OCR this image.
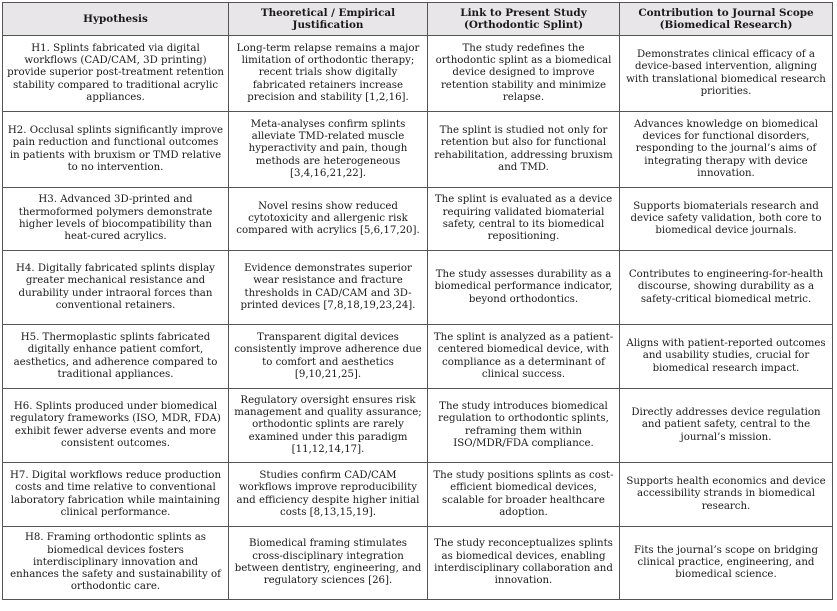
Hypothesis	Theoretical / Empirical Justification	Link to Present Study (Orthodontic Splint)	Contribution to Journal Scope (Biomedical Research)
H1. Splints fabricated via digital workflows (CAD/CAM, 3D printing) provide superior post-treatment retention stability compared to traditional acrylic appliances.	Long-term relapse remains a major limitation of orthodontic therapy; recent trials show digitally fabricated retainers increase precision and stability [1,2,16].	The study redefines the orthodontic splint as a biomedical device designed to improve retention stability and minimize relapse.	Demonstrates clinical efficacy of a device-based intervention, aligning with translational biomedical research priorities.
H2. Occlusal splints significantly improve pain reduction and functional outcomes in patients with bruxism or TMD relative to no intervention.	Meta-analyses confirm splints alleviate TMD-related muscle hyperactivity and pain, though methods are heterogeneous [3,4,16,21,22].	The splint is studied not only for retention but also for functional rehabilitation, addressing bruxism and TMD.	Advances knowledge on biomedical devices for functional disorders, responding to the journal’s aims of integrating therapy with device innovation.
H3. Advanced 3D-printed and thermoformed polymers demonstrate higher levels of biocompatibility than heat-cured acrylics.	Novel resins show reduced cytotoxicity and allergenic risk compared with acrylics [5,6,17,20].	The splint is evaluated as a device requiring validated biomaterial safety, central to its biomedical repositioning.	Supports biomaterials research and device safety validation, both core to biomedical device journals.
H4. Digitally fabricated splints display greater mechanical resistance and durability under intraoral forces than conventional retainers.	Evidence demonstrates superior wear resistance and fracture thresholds in CAD/CAM and 3D-printed devices [7,8,18,19,23,24].	The study assesses durability as a biomedical performance indicator, beyond orthodontics.	Contributes to engineering-for-health discourse, showing durability as a safety-critical biomedical metric.
H5. Thermoplastic splints fabricated digitally enhance patient comfort, aesthetics, and adherence compared to traditional appliances.	Transparent digital devices consistently improve adherence due to comfort and aesthetics [9,10,21,25].	The splint is analyzed as a patient-centered biomedical device, with compliance as a determinant of clinical success.	Aligns with patient-reported outcomes and usability studies, crucial for biomedical research impact.
H6. Splints produced under biomedical regulatory frameworks (ISO, MDR, FDA) exhibit fewer adverse events and more consistent outcomes.	Regulatory oversight ensures risk management and quality assurance; orthodontic splints are rarely examined under this paradigm [11,12,14,17].	The study introduces biomedical regulation to orthodontic splints, reframing them within ISO/MDR/FDA compliance.	Directly addresses device regulation and patient safety, central to the journal’s mission.
H7. Digital workflows reduce production costs and time relative to conventional laboratory fabrication while maintaining clinical performance.	Studies confirm CAD/CAM workflows improve reproducibility and efficiency despite higher initial costs [8,13,15,19].	The study positions splints as cost-efficient biomedical devices, scalable for broader healthcare adoption.	Supports health economics and device accessibility strands in biomedical research.
H8. Framing orthodontic splints as biomedical devices fosters interdisciplinary innovation and enhances the safety and sustainability of orthodontic care.	Biomedical framing stimulates cross-disciplinary integration between dentistry, engineering, and regulatory sciences [26].	The study reconceptualizes splints as biomedical devices, enabling interdisciplinary collaboration and innovation.	Fits the journal’s scope on bridging clinical practice, engineering, and biomedical science.
